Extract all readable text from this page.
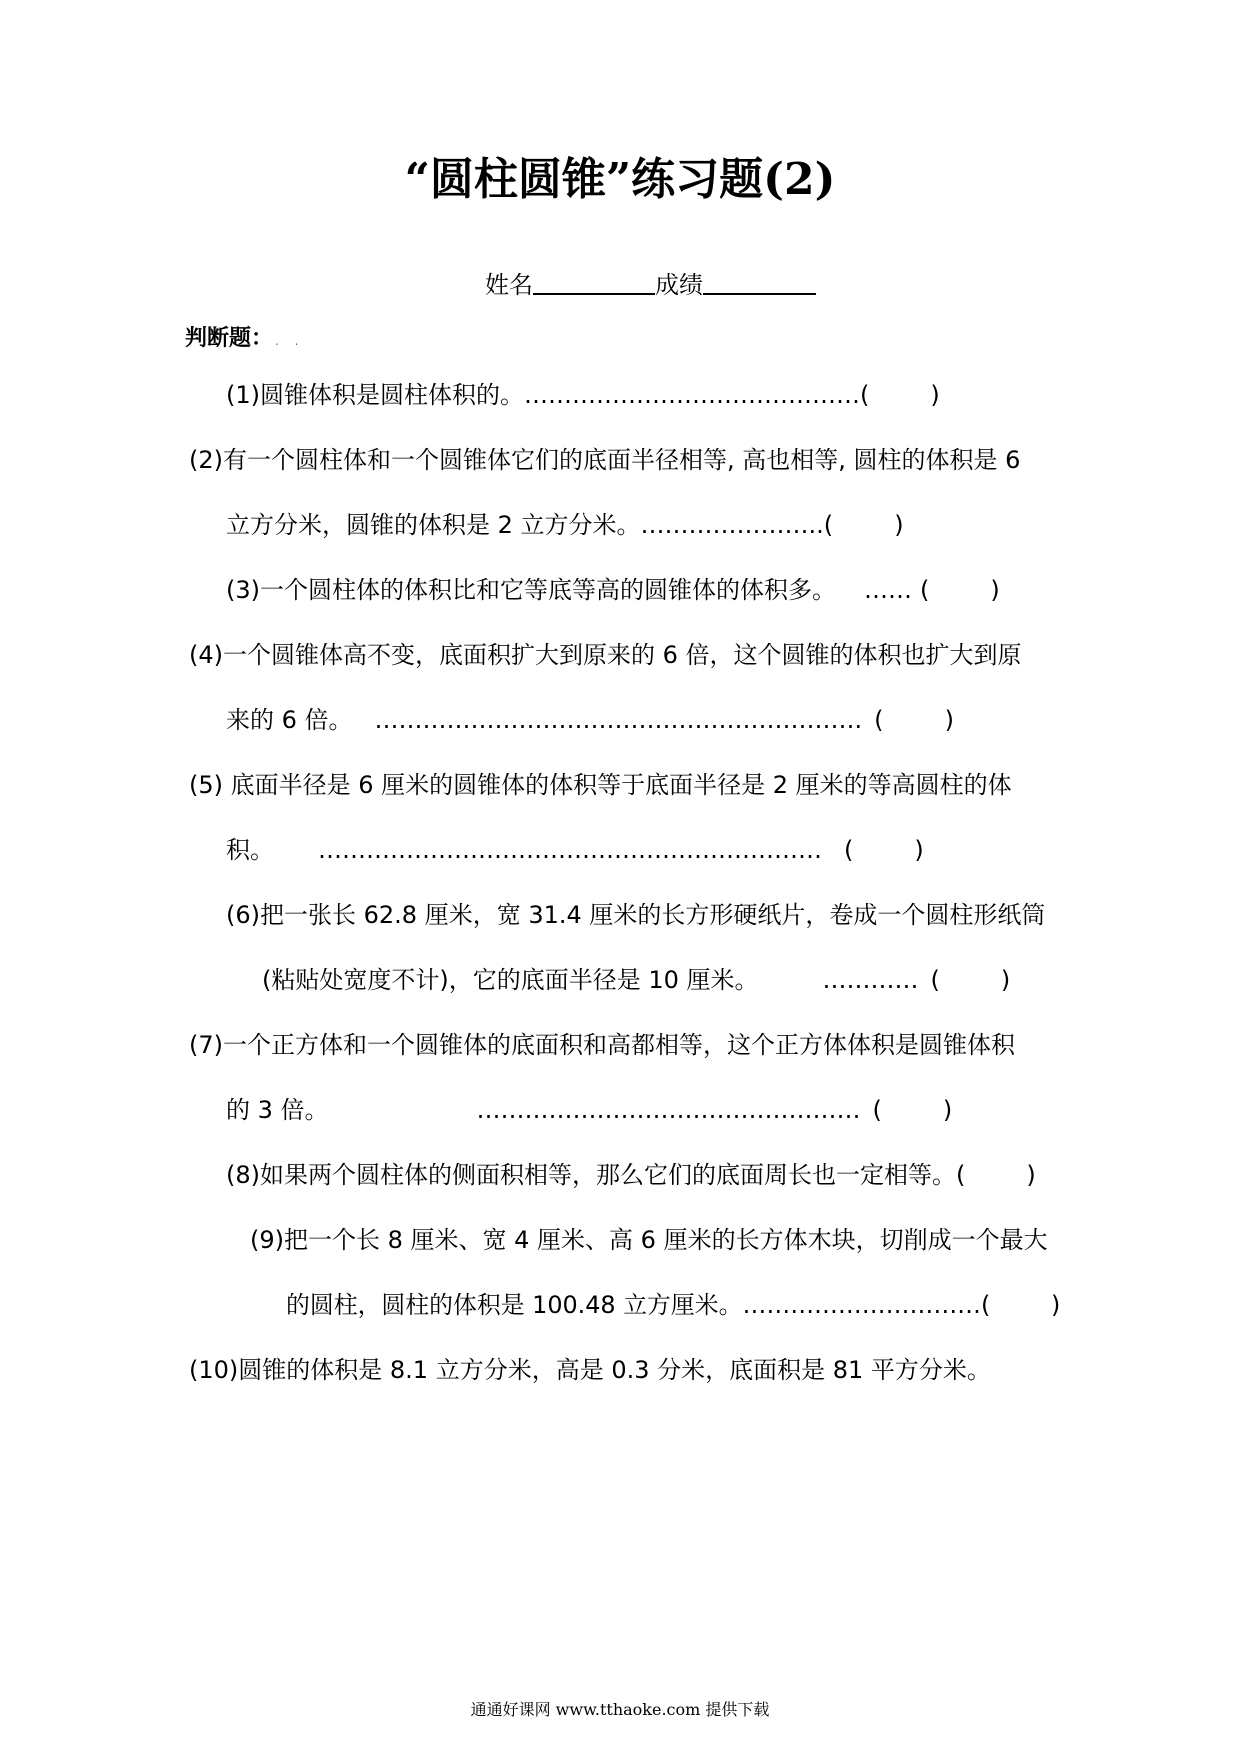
“圆柱圆锥”练习题(2)
姓名	成绩
判断题： . .
(1)圆锥体积是圆柱体积的。……………………………………(        )
(2)有一个圆柱体和一个圆锥体它们的底面半径相等, 高也相等, 圆柱的体积是 6
立方分米，圆锥的体积是 2 立方分米。…………………..(        )
(3)一个圆柱体的体积比和它等底等高的圆锥体的体积多。 …… (        )
(4)一个圆锥体高不变，底面积扩大到原来的 6 倍，这个圆锥的体积也扩大到原
来的 6 倍。 ……………………………………………………. (        )
(5) 底面半径是 6 厘米的圆锥体的体积等于底面半径是 2 厘米的等高圆柱的体
积。 ……………………………………………………… (        )
(6)把一张长 62.8 厘米，宽 31.4 厘米的长方形硬纸片，卷成一个圆柱形纸筒
(粘贴处宽度不计)，它的底面半径是 10 厘米。	………… (        )
(7)一个正方体和一个圆锥体的底面积和高都相等，这个正方体体积是圆锥体积
的 3 倍。	………………………………………… (        )
(8)如果两个圆柱体的侧面积相等，那么它们的底面周长也一定相等。(        )
(9)把一个长 8 厘米、宽 4 厘米、高 6 厘米的长方体木块，切削成一个最大
的圆柱，圆柱的体积是 100.48 立方厘米。…………………………(        )
(10)圆锥的体积是 8.1 立方分米，高是 0.3 分米，底面积是 81 平方分米。
通通好课网 www.tthaoke.com 提供下载
